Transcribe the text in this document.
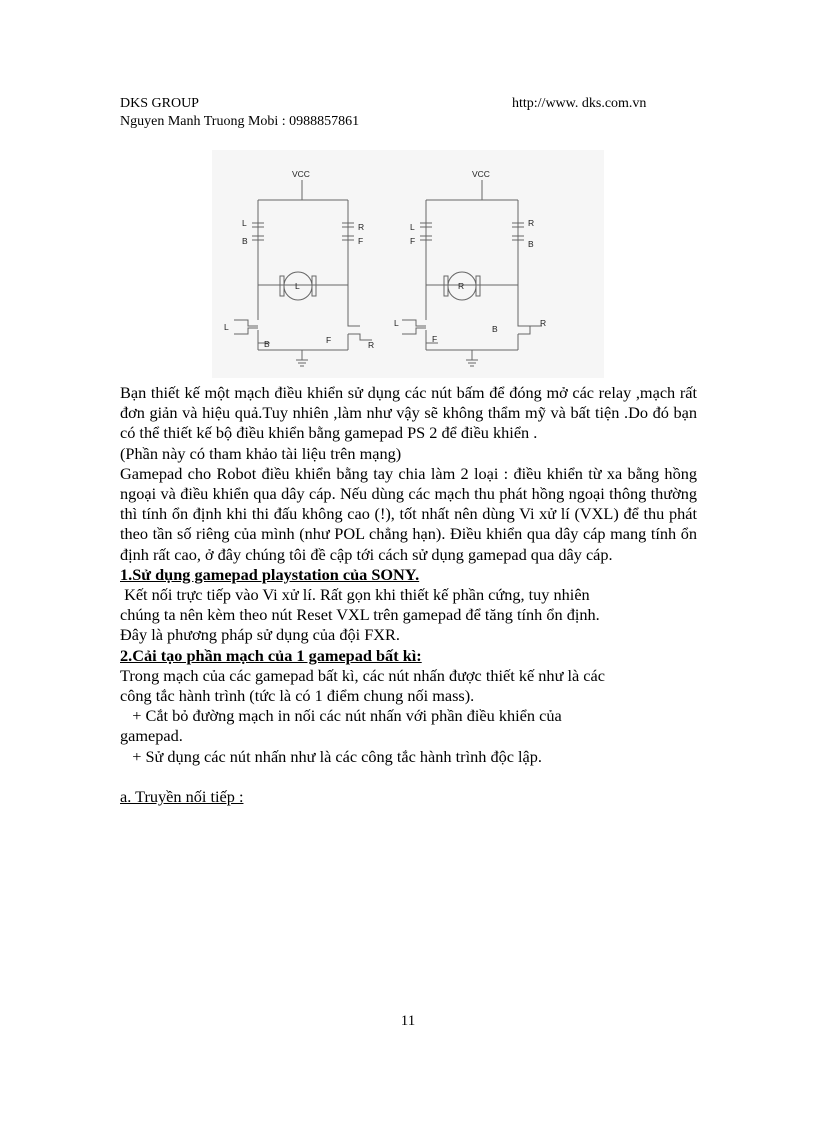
DKS GROUP
Nguyen Manh Truong Mobi : 0988857861
http://www. dks.com.vn
VCC
L
B
R
F
L
L
B	F	R
VCC
L
F
R
B
R
L
F
B
R

Bạn thiết kế một mạch điều khiển sử dụng các nút bấm để đóng mở các relay ,mạch rất đơn giản và hiệu quả.Tuy nhiên ,làm như vậy sẽ không thẩm mỹ và bất tiện .Do đó bạn có thể thiết kế bộ điều khiển bằng gamepad PS 2 để điều khiển .

(Phần này có tham khảo tài liệu trên mạng)

Gamepad cho Robot điều khiển bằng tay chia làm 2 loại : điều khiển từ xa bằng hồng ngoại và điều khiển qua dây cáp. Nếu dùng các mạch thu phát hồng ngoại thông thường thì tính ổn định khi thi đấu không cao (!), tốt nhất nên dùng Vi xử lí (VXL) để thu phát theo tần số riêng của mình (như POL chẳng hạn). Điều khiển qua dây cáp mang tính ổn định rất cao, ở đây chúng tôi đề cập tới cách sử dụng gamepad qua dây cáp.

1.Sử dụng gamepad playstation của SONY.

Kết nối trực tiếp vào Vi xử lí. Rất gọn khi thiết kế phần cứng, tuy nhiên

chúng ta nên kèm theo nút Reset VXL trên gamepad để tăng tính ổn định.

Đây là phương pháp sử dụng của đội FXR.

2.Cải tạo phần mạch của 1 gamepad bất kì:

Trong mạch của các gamepad bất kì, các nút nhấn được thiết kế như là các

công tắc hành trình (tức là có 1 điểm chung nối mass).

+ Cắt bỏ đường mạch in nối các nút nhấn với phần điều khiển của

gamepad.

+ Sử dụng các nút nhấn như là các công tắc hành trình độc lập.

a. Truyền nối tiếp :

11
